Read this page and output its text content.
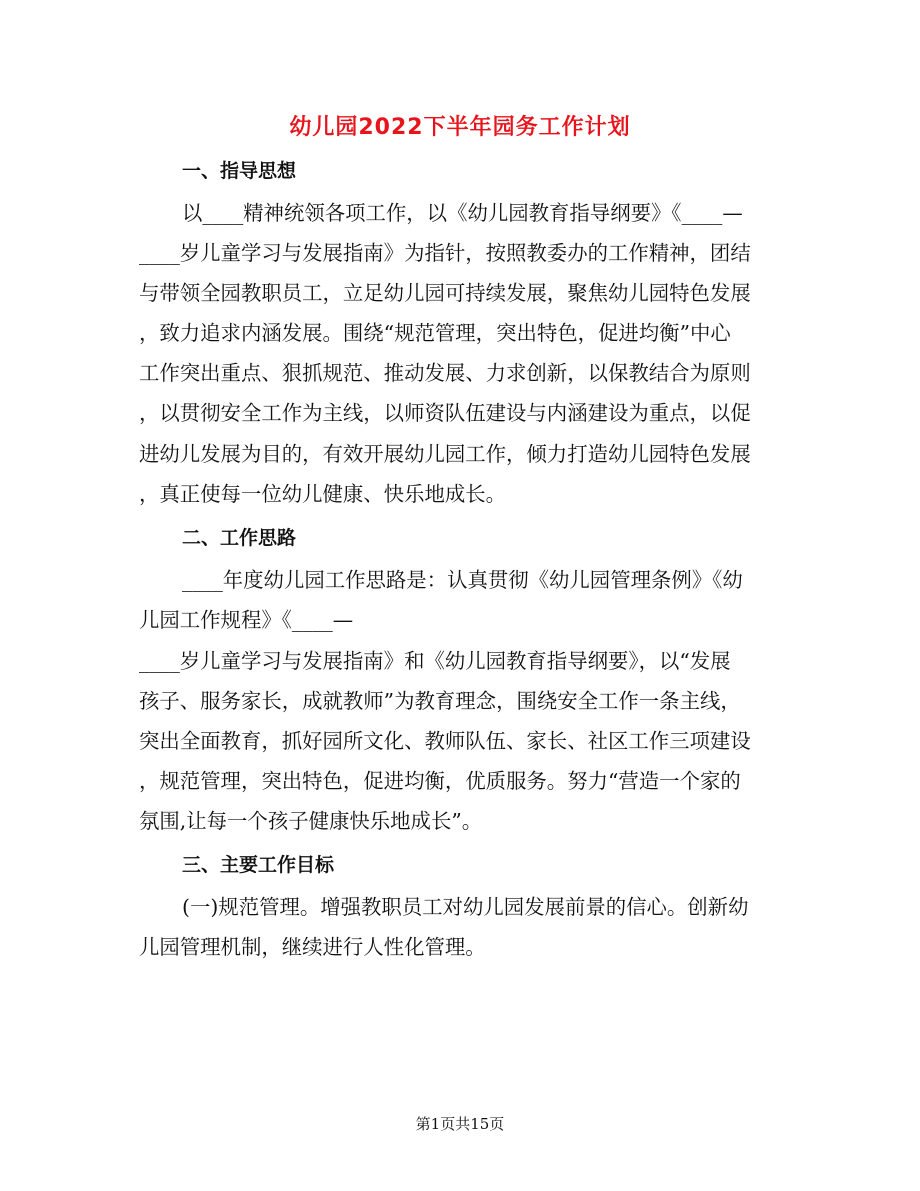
幼儿园2022下半年园务工作计划
一、指导思想
以____精神统领各项工作，以《幼儿园教育指导纲要》《____—
____岁儿童学习与发展指南》为指针，按照教委办的工作精神，团结
与带领全园教职员工，立足幼儿园可持续发展，聚焦幼儿园特色发展
，致力追求内涵发展。围绕“规范管理，突出特色，促进均衡”中心
工作突出重点、狠抓规范、推动发展、力求创新，以保教结合为原则
，以贯彻安全工作为主线，以师资队伍建设与内涵建设为重点，以促
进幼儿发展为目的，有效开展幼儿园工作，倾力打造幼儿园特色发展
，真正使每一位幼儿健康、快乐地成长。
二、工作思路
____年度幼儿园工作思路是：认真贯彻《幼儿园管理条例》《幼
儿园工作规程》《____—
____岁儿童学习与发展指南》和《幼儿园教育指导纲要》，以“发展
孩子、服务家长，成就教师”为教育理念，围绕安全工作一条主线，
突出全面教育，抓好园所文化、教师队伍、家长、社区工作三项建设
，规范管理，突出特色，促进均衡，优质服务。努力“营造一个家的
氛围,让每一个孩子健康快乐地成长”。
三、主要工作目标
(一)规范管理。增强教职员工对幼儿园发展前景的信心。创新幼
儿园管理机制，继续进行人性化管理。
第1页共15页
